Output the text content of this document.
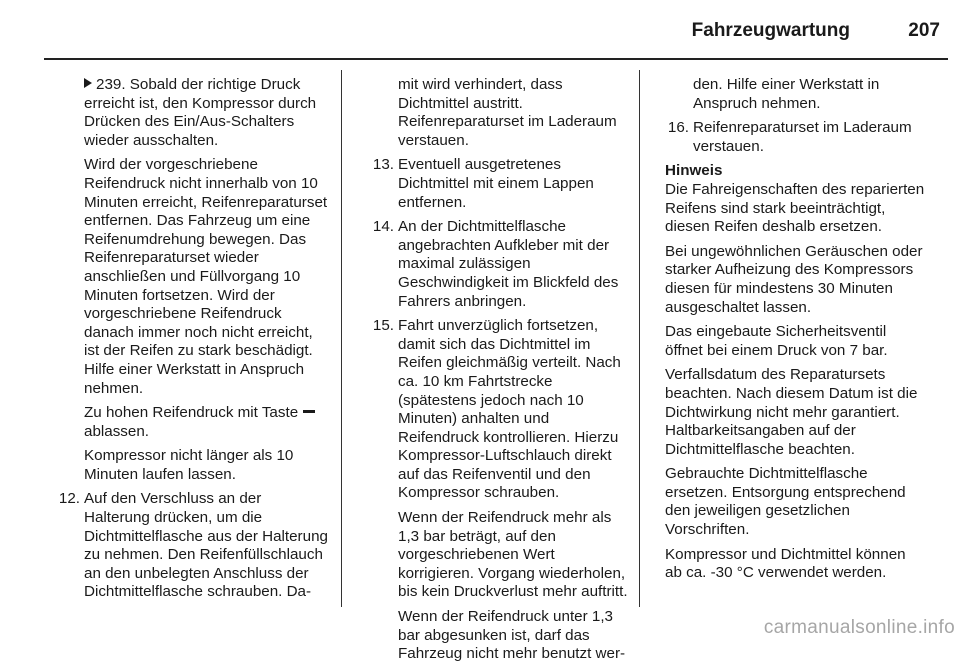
Fahrzeugwartung	207
239. Sobald der richtige Druck erreicht ist, den Kompressor durch Drücken des Ein/Aus-Schalters wieder ausschalten.
Wird der vorgeschriebene Reifendruck nicht innerhalb von 10 Minuten erreicht, Reifenreparaturset entfernen. Das Fahrzeug um eine Reifenumdrehung bewegen. Das Reifenreparaturset wieder anschließen und Füllvorgang 10 Minuten fortsetzen. Wird der vorgeschriebene Reifendruck danach immer noch nicht erreicht, ist der Reifen zu stark beschädigt. Hilfe einer Werkstatt in Anspruch nehmen.
Zu hohen Reifendruck mit Taste  ablassen.
Kompressor nicht länger als 10 Minuten laufen lassen.
12. Auf den Verschluss an der Halterung drücken, um die Dichtmittelflasche aus der Halterung zu nehmen. Den Reifenfüllschlauch an den unbelegten Anschluss der Dichtmittelflasche schrauben. Da-
mit wird verhindert, dass Dichtmittel austritt. Reifenreparaturset im Laderaum verstauen.
13. Eventuell ausgetretenes Dichtmittel mit einem Lappen entfernen.
14. An der Dichtmittelflasche angebrachten Aufkleber mit der maximal zulässigen Geschwindigkeit im Blickfeld des Fahrers anbringen.
15. Fahrt unverzüglich fortsetzen, damit sich das Dichtmittel im Reifen gleichmäßig verteilt. Nach ca. 10 km Fahrtstrecke (spätestens jedoch nach 10 Minuten) anhalten und Reifendruck kontrollieren. Hierzu Kompressor-Luftschlauch direkt auf das Reifenventil und den Kompressor schrauben.
Wenn der Reifendruck mehr als 1,3 bar beträgt, auf den vorgeschriebenen Wert korrigieren. Vorgang wiederholen, bis kein Druckverlust mehr auftritt.
Wenn der Reifendruck unter 1,3 bar abgesunken ist, darf das Fahrzeug nicht mehr benutzt wer-
den. Hilfe einer Werkstatt in Anspruch nehmen.
16. Reifenreparaturset im Laderaum verstauen.
Hinweis
Die Fahreigenschaften des reparierten Reifens sind stark beeinträchtigt, diesen Reifen deshalb ersetzen.
Bei ungewöhnlichen Geräuschen oder starker Aufheizung des Kompressors diesen für mindestens 30 Minuten ausgeschaltet lassen.
Das eingebaute Sicherheitsventil öffnet bei einem Druck von 7 bar.
Verfallsdatum des Reparatursets beachten. Nach diesem Datum ist die Dichtwirkung nicht mehr garantiert. Haltbarkeitsangaben auf der Dichtmittelflasche beachten.
Gebrauchte Dichtmittelflasche ersetzen. Entsorgung entsprechend den jeweiligen gesetzlichen Vorschriften.
Kompressor und Dichtmittel können ab ca. -30 °C verwendet werden.
carmanualsonline.info
